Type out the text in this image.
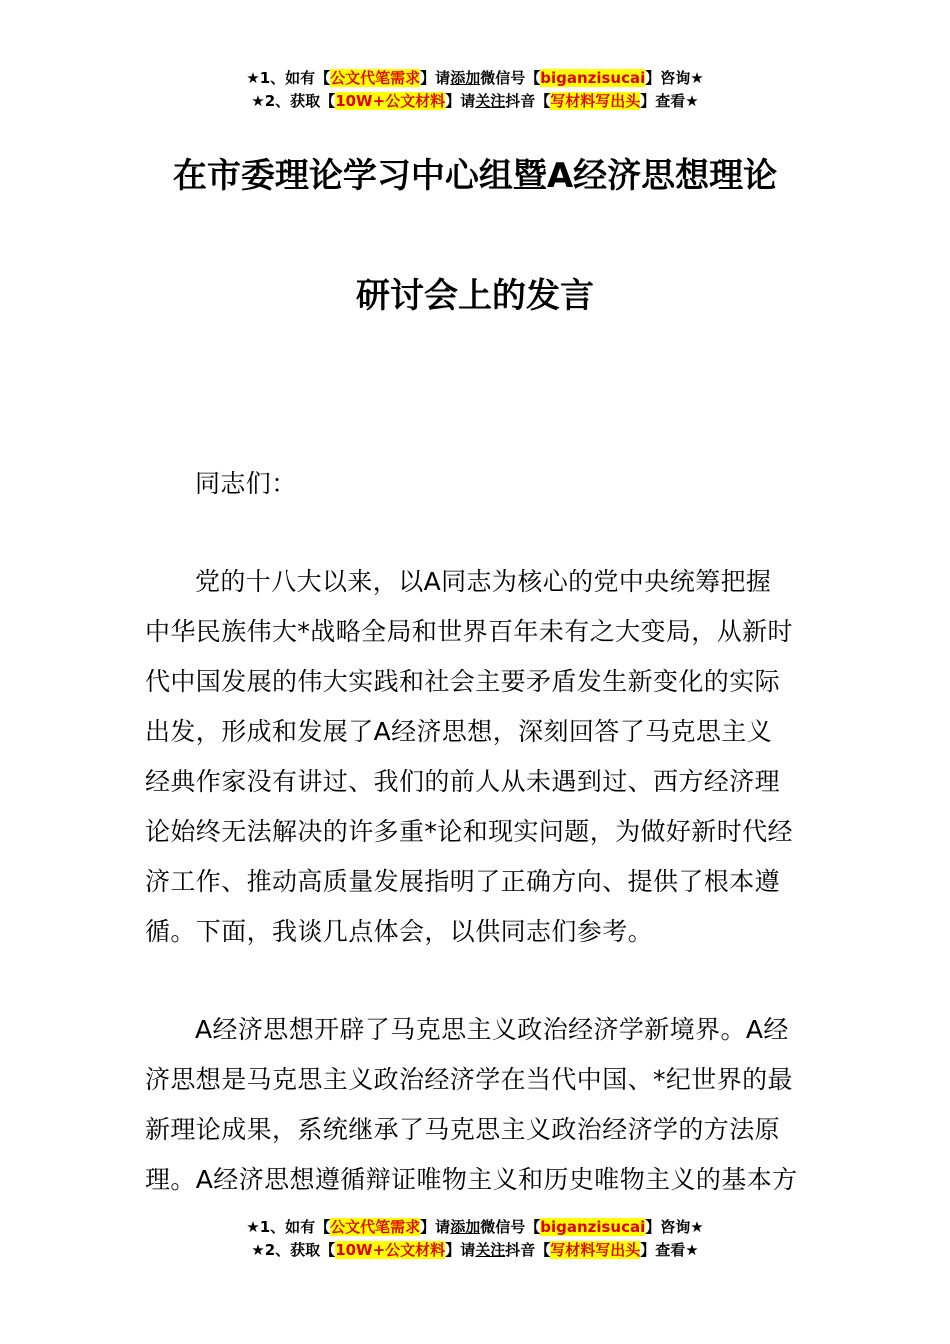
★1、如有【公文代笔需求】请添加微信号【biganzisucai】咨询★
★2、获取【10W+公文材料】请关注抖音【写材料写出头】查看★
在市委理论学习中心组暨A经济思想理论
研讨会上的发言
同志们：
党的十八大以来，以A同志为核心的党中央统筹把握
中华民族伟大*战略全局和世界百年未有之大变局，从新时
代中国发展的伟大实践和社会主要矛盾发生新变化的实际
出发，形成和发展了A经济思想，深刻回答了马克思主义
经典作家没有讲过、我们的前人从未遇到过、西方经济理
论始终无法解决的许多重*论和现实问题，为做好新时代经
济工作、推动高质量发展指明了正确方向、提供了根本遵
循。下面，我谈几点体会，以供同志们参考。
A经济思想开辟了马克思主义政治经济学新境界。A经
济思想是马克思主义政治经济学在当代中国、*纪世界的最
新理论成果，系统继承了马克思主义政治经济学的方法原
理。A经济思想遵循辩证唯物主义和历史唯物主义的基本方
★1、如有【公文代笔需求】请添加微信号【biganzisucai】咨询★
★2、获取【10W+公文材料】请关注抖音【写材料写出头】查看★
